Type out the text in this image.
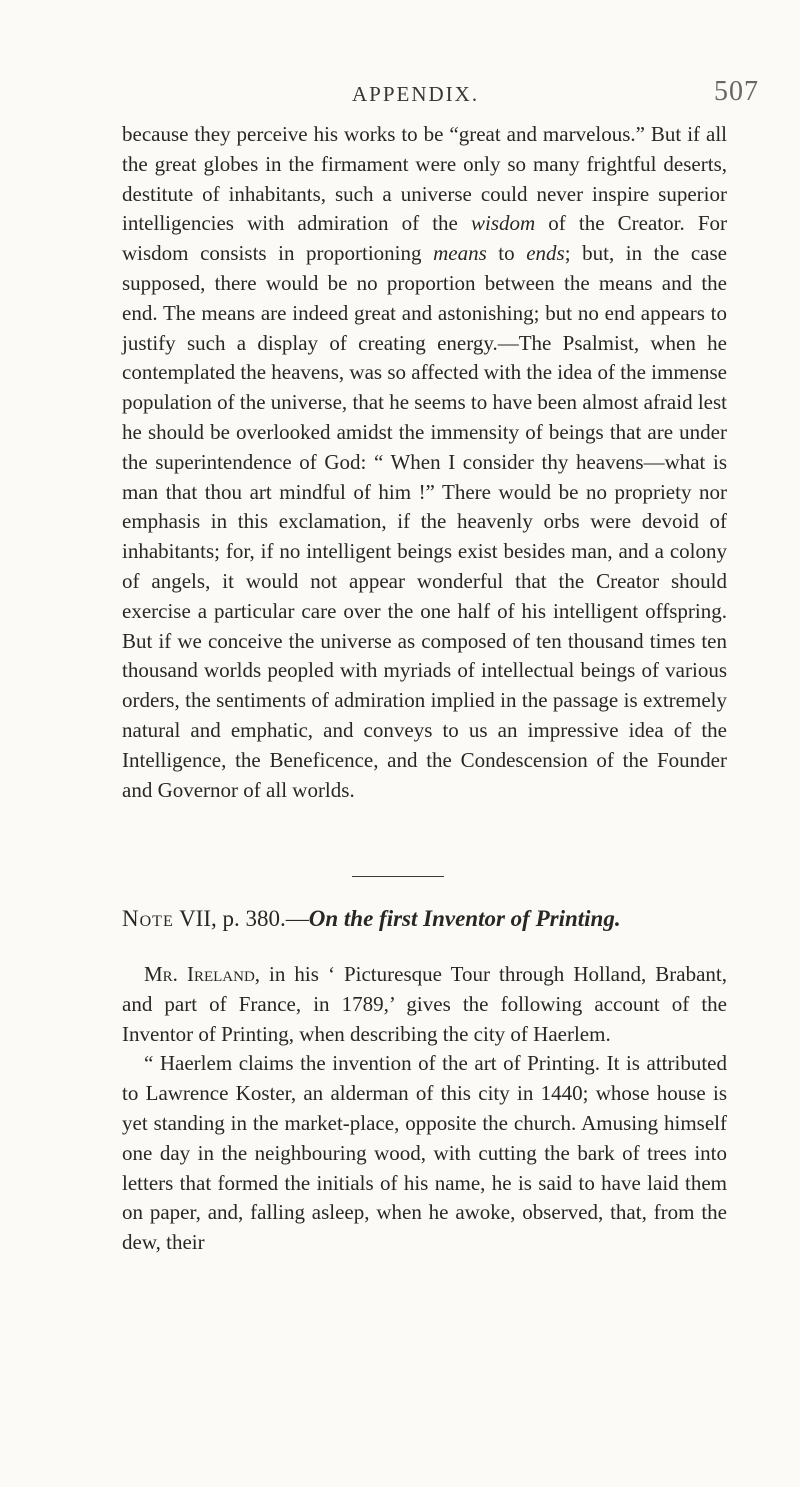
APPENDIX.	507

because they perceive his works to be “great and marvelous.” But if all the great globes in the firmament were only so many frightful deserts, destitute of inhabitants, such a universe could never inspire superior intelligencies with admiration of the wisdom of the Creator. For wisdom consists in proportioning means to ends; but, in the case supposed, there would be no proportion between the means and the end. The means are indeed great and astonishing; but no end appears to justify such a display of creating energy.—The Psalmist, when he contemplated the heavens, was so affected with the idea of the immense population of the universe, that he seems to have been almost afraid lest he should be overlooked amidst the immensity of beings that are under the superintendence of God: “ When I consider thy heavens—what is man that thou art mindful of him !” There would be no propriety nor emphasis in this exclamation, if the heavenly orbs were devoid of inhabitants; for, if no intelligent beings exist besides man, and a colony of angels, it would not appear wonderful that the Creator should exercise a particular care over the one half of his intelligent offspring. But if we conceive the universe as composed of ten thousand times ten thousand worlds peopled with myriads of intellectual beings of various orders, the sentiments of admiration implied in the passage is extremely natural and emphatic, and conveys to us an impressive idea of the Intelligence, the Beneficence, and the Condescension of the Founder and Governor of all worlds.

Note VII, p. 380.—On the first Inventor of Printing.

Mr. Ireland, in his ‘ Picturesque Tour through Holland, Brabant, and part of France, in 1789,’ gives the following account of the Inventor of Printing, when describing the city of Haerlem.

“ Haerlem claims the invention of the art of Printing. It is attributed to Lawrence Koster, an alderman of this city in 1440; whose house is yet standing in the market-place, opposite the church. Amusing himself one day in the neighbouring wood, with cutting the bark of trees into letters that formed the initials of his name, he is said to have laid them on paper, and, falling asleep, when he awoke, observed, that, from the dew, their
